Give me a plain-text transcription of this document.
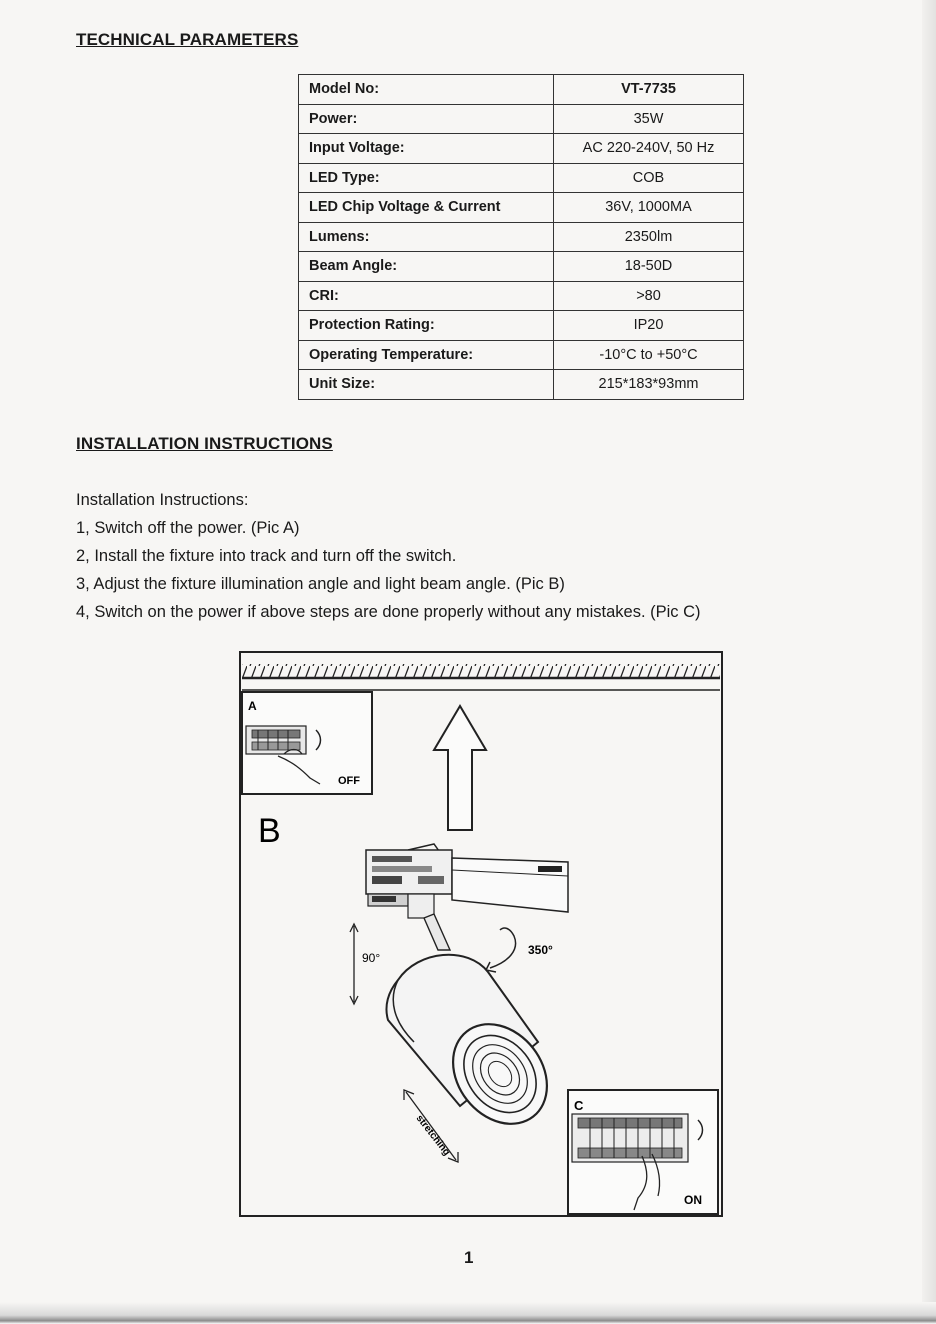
TECHNICAL PARAMETERS
Model No:	VT-7735
Power:	35W
Input Voltage:	AC 220-240V, 50 Hz
LED Type:	COB
LED Chip Voltage & Current	36V, 1000MA
Lumens:	2350lm
Beam Angle:	18-50D
CRI:	>80
Protection Rating:	IP20
Operating Temperature:	-10°C to +50°C
Unit Size:	215*183*93mm
INSTALLATION INSTRUCTIONS
Installation Instructions:
1, Switch off the power. (Pic A)
2, Install the fixture into track and turn off the switch.
3, Adjust the fixture illumination angle and light beam angle. (Pic B)
4, Switch on the power if above steps are done properly without any mistakes. (Pic C)
A
OFF
B
90°
350°
stretching
C
ON
1
